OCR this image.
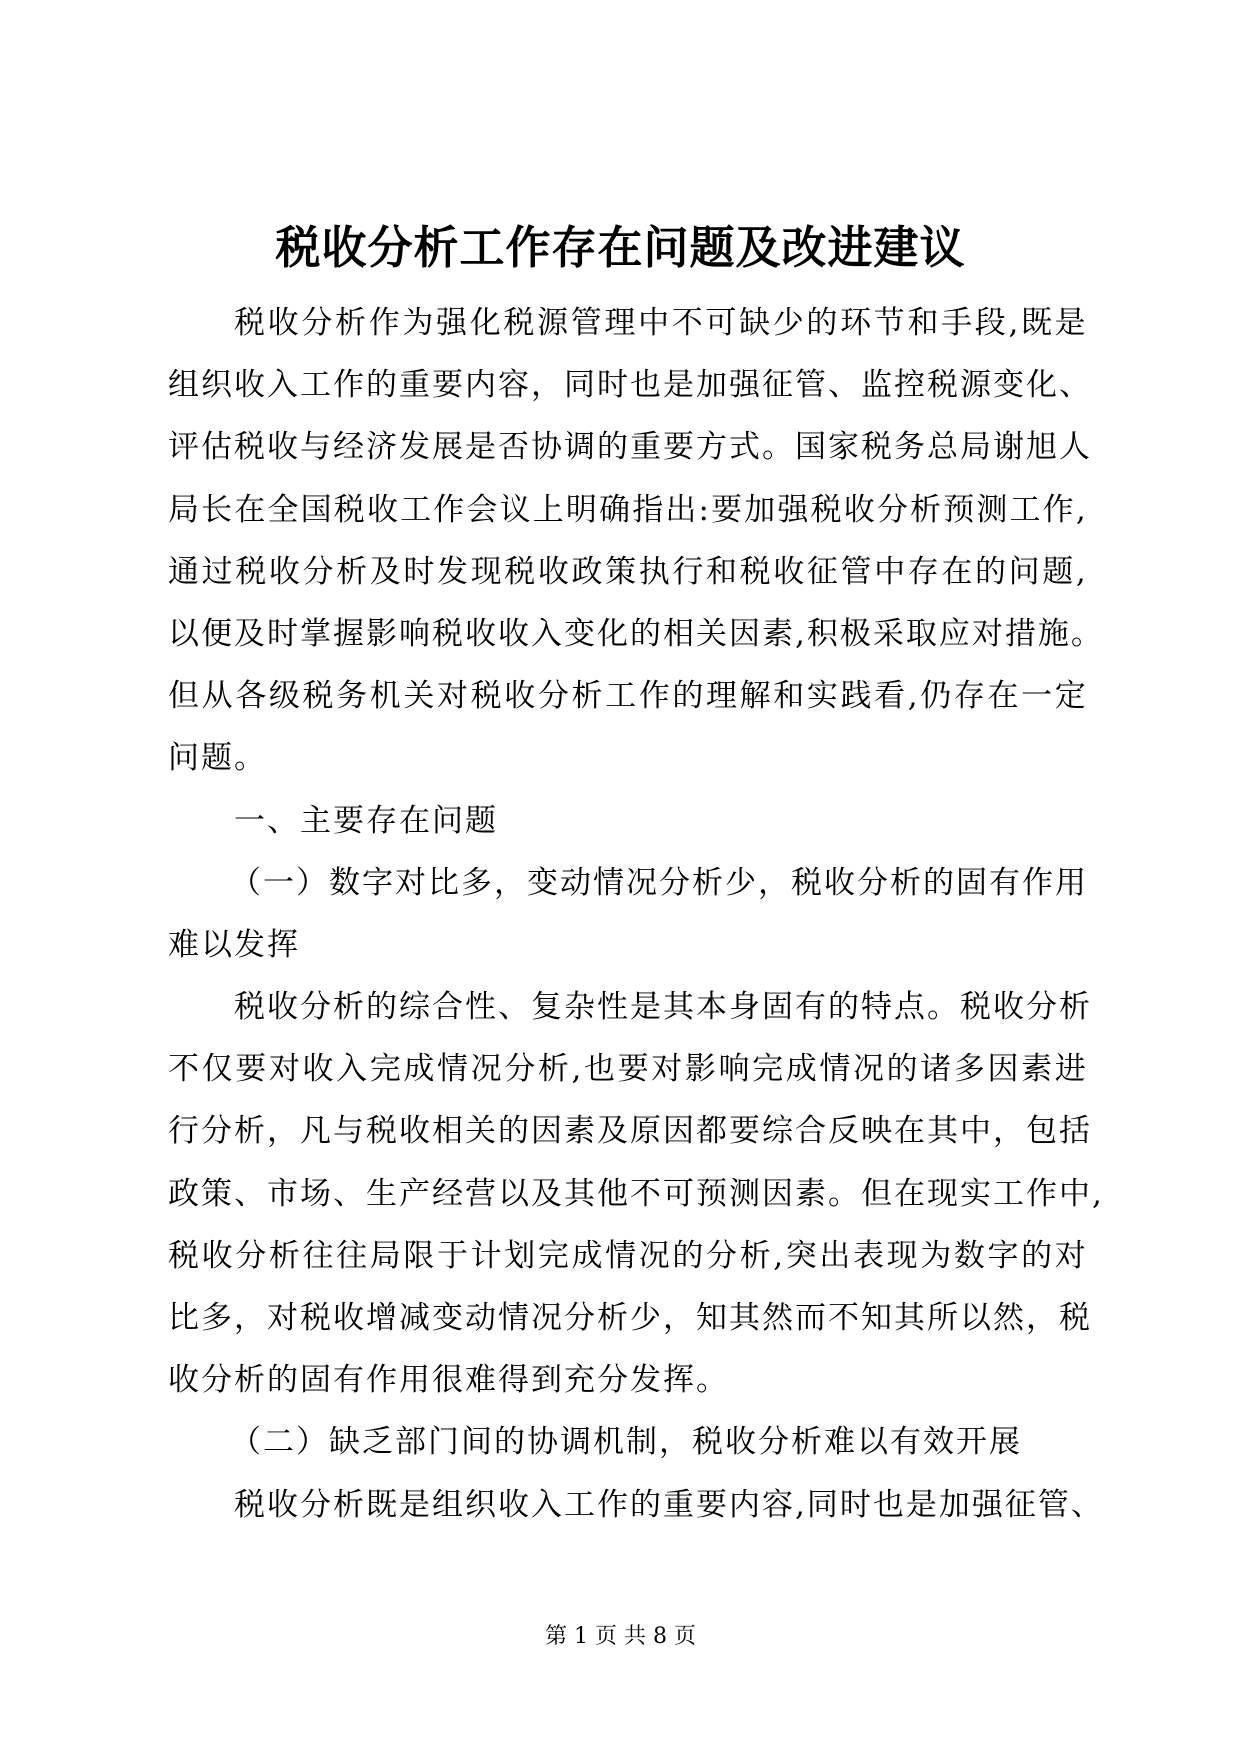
税收分析工作存在问题及改进建议
税 收 分 析 作 为 强 化 税 源 管 理 中 不 可 缺 少 的 环 节 和 手 段 , 既 是
组 织 收 入 工 作 的 重 要 内 容 ， 同 时 也 是 加 强 征 管 、 监 控 税 源 变 化 、
评 估 税 收 与 经 济 发 展 是 否 协 调 的 重 要 方 式 。 国 家 税 务 总 局 谢 旭 人
局 长 在 全 国 税 收 工 作 会 议 上 明 确 指 出 : 要 加 强 税 收 分 析 预 测 工 作 ,
通 过 税 收 分 析 及 时 发 现 税 收 政 策 执 行 和 税 收 征 管 中 存 在 的 问 题 ,
以 便 及 时 掌 握 影 响 税 收 收 入 变 化 的 相 关 因 素 , 积 极 采 取 应 对 措 施 。
但 从 各 级 税 务 机 关 对 税 收 分 析 工 作 的 理 解 和 实 践 看 , 仍 存 在 一 定
问题。
一、主要存在问题
（ 一 ） 数 字 对 比 多 ， 变 动 情 况 分 析 少 ， 税 收 分 析 的 固 有 作 用
难以发挥
税 收 分 析 的 综 合 性 、 复 杂 性 是 其 本 身 固 有 的 特 点 。 税 收 分 析
不 仅 要 对 收 入 完 成 情 况 分 析 , 也 要 对 影 响 完 成 情 况 的 诸 多 因 素 进
行 分 析 ， 凡 与 税 收 相 关 的 因 素 及 原 因 都 要 综 合 反 映 在 其 中 ， 包 括
政 策 、 市 场 、 生 产 经 营 以 及 其 他 不 可 预 测 因 素 。 但 在 现 实 工 作 中 ,
税 收 分 析 往 往 局 限 于 计 划 完 成 情 况 的 分 析 , 突 出 表 现 为 数 字 的 对
比 多 ， 对 税 收 增 减 变 动 情 况 分 析 少 ， 知 其 然 而 不 知 其 所 以 然 ， 税
收分析的固有作用很难得到充分发挥。
（二）缺乏部门间的协调机制，税收分析难以有效开展
税 收 分 析 既 是 组 织 收 入 工 作 的 重 要 内 容 , 同 时 也 是 加 强 征 管 、
第 1 页 共 8 页
